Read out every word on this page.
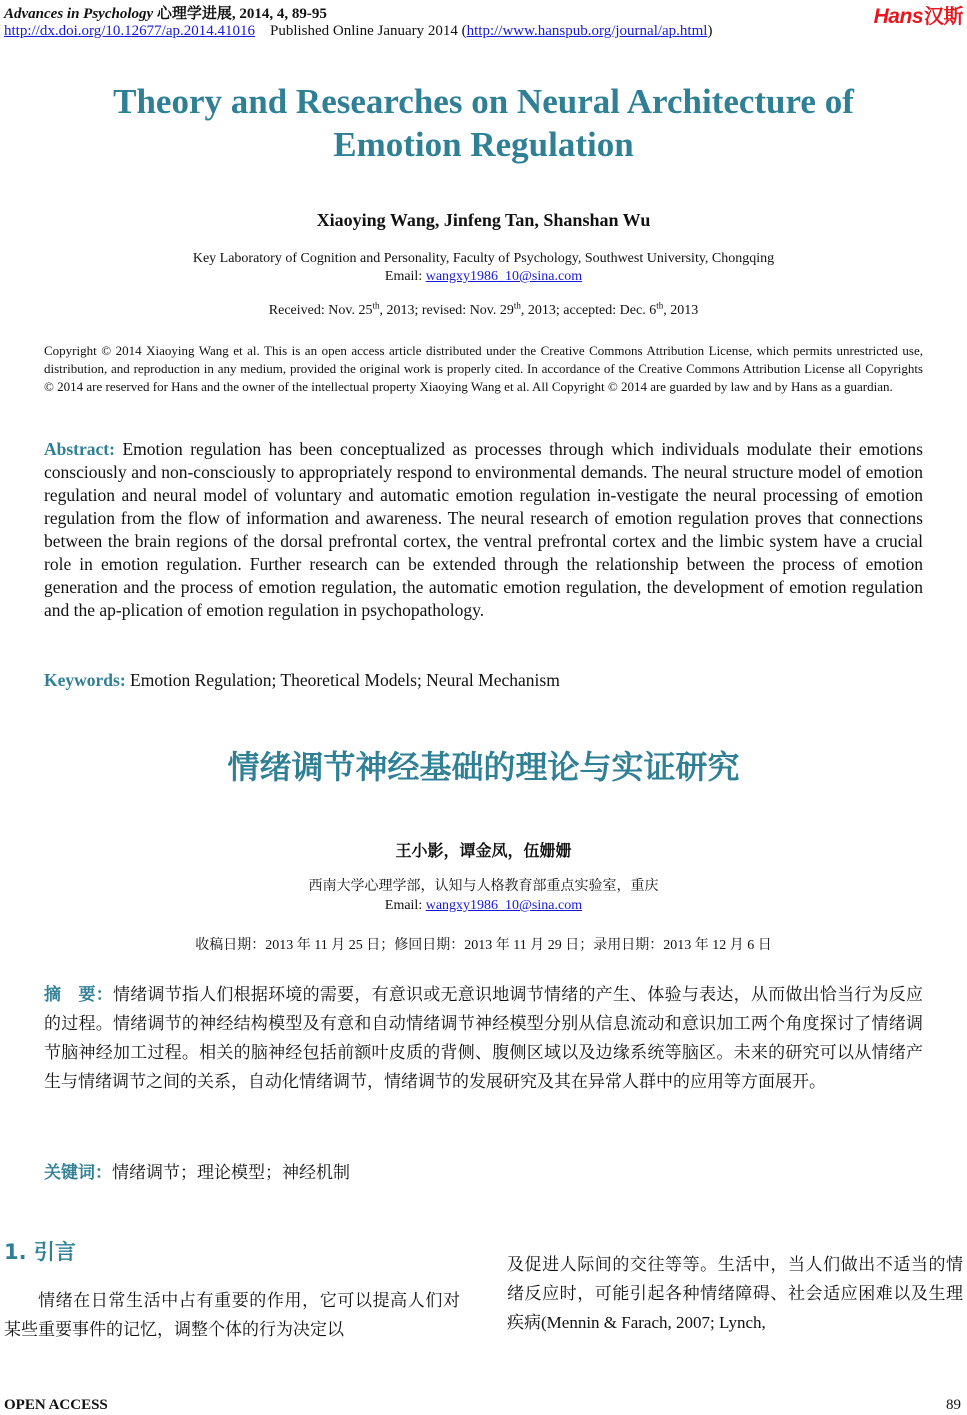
Advances in Psychology 心理学进展, 2014, 4, 89-95
http://dx.doi.org/10.12677/ap.2014.41016 Published Online January 2014 (http://www.hanspub.org/journal/ap.html)
Hans汉斯
Theory and Researches on Neural Architecture of
Emotion Regulation
Xiaoying Wang, Jinfeng Tan, Shanshan Wu
Key Laboratory of Cognition and Personality, Faculty of Psychology, Southwest University, Chongqing
Email: wangxy1986_10@sina.com
Received: Nov. 25th, 2013; revised: Nov. 29th, 2013; accepted: Dec. 6th, 2013
Copyright © 2014 Xiaoying Wang et al. This is an open access article distributed under the Creative Commons Attribution License, which permits unrestricted use, distribution, and reproduction in any medium, provided the original work is properly cited. In accordance of the Creative Commons Attribution License all Copyrights © 2014 are reserved for Hans and the owner of the intellectual property Xiaoying Wang et al. All Copyright © 2014 are guarded by law and by Hans as a guardian.
Abstract: Emotion regulation has been conceptualized as processes through which individuals modulate their emotions consciously and non-consciously to appropriately respond to environmental demands. The neural structure model of emotion regulation and neural model of voluntary and automatic emotion regulation in-vestigate the neural processing of emotion regulation from the flow of information and awareness. The neural research of emotion regulation proves that connections between the brain regions of the dorsal prefrontal cortex, the ventral prefrontal cortex and the limbic system have a crucial role in emotion regulation. Further research can be extended through the relationship between the process of emotion generation and the process of emotion regulation, the automatic emotion regulation, the development of emotion regulation and the ap-plication of emotion regulation in psychopathology.
Keywords: Emotion Regulation; Theoretical Models; Neural Mechanism
情绪调节神经基础的理论与实证研究
王小影，谭金凤，伍姗姗
西南大学心理学部，认知与人格教育部重点实验室，重庆
Email: wangxy1986_10@sina.com
收稿日期：2013 年 11 月 25 日；修回日期：2013 年 11 月 29 日；录用日期：2013 年 12 月 6 日
摘　要：情绪调节指人们根据环境的需要，有意识或无意识地调节情绪的产生、体验与表达，从而做出恰当行为反应的过程。情绪调节的神经结构模型及有意和自动情绪调节神经模型分别从信息流动和意识加工两个角度探讨了情绪调节脑神经加工过程。相关的脑神经包括前额叶皮质的背侧、腹侧区域以及边缘系统等脑区。未来的研究可以从情绪产生与情绪调节之间的关系，自动化情绪调节，情绪调节的发展研究及其在异常人群中的应用等方面展开。
关键词：情绪调节；理论模型；神经机制
1. 引言
情绪在日常生活中占有重要的作用，它可以提高人们对某些重要事件的记忆，调整个体的行为决定以
及促进人际间的交往等等。生活中，当人们做出不适当的情绪反应时，可能引起各种情绪障碍、社会适应困难以及生理疾病(Mennin & Farach, 2007; Lynch,
OPEN ACCESS	89
